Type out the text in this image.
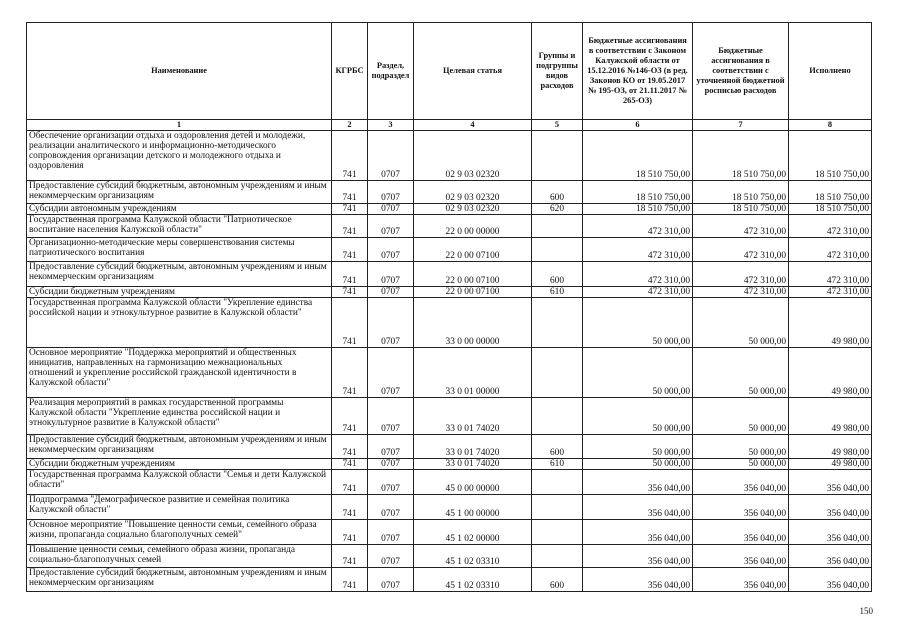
Наименование	КГРБС	Раздел, подраздел	Целевая статья	Группы и подгруппы видов расходов	Бюджетные ассигнования в соответствии с Законом Калужской области от 15.12.2016 №146-ОЗ (в ред. Законов КО от 19.05.2017 № 195-ОЗ, от 21.11.2017 № 265-ОЗ)	Бюджетные ассигнования в соответствии с уточненной бюджетной росписью расходов	Исполнено
1	2	3	4	5	6	7	8
Обеспечение организации отдыха и оздоровления детей и молодежи, реализации аналитического и информационно-методического сопровождения организации детского и молодежного отдыха и оздоровления	741	0707	02 9 03 02320		18 510 750,00	18 510 750,00	18 510 750,00
Предоставление субсидий бюджетным, автономным учреждениям и иным некоммерческим организациям	741	0707	02 9 03 02320	600	18 510 750,00	18 510 750,00	18 510 750,00
Субсидии автономным учреждениям	741	0707	02 9 03 02320	620	18 510 750,00	18 510 750,00	18 510 750,00
Государственная программа Калужской области "Патриотическое воспитание населения Калужской области"	741	0707	22 0 00 00000		472 310,00	472 310,00	472 310,00
Организационно-методические меры совершенствования системы патриотического воспитания	741	0707	22 0 00 07100		472 310,00	472 310,00	472 310,00
Предоставление субсидий бюджетным, автономным учреждениям и иным некоммерческим организациям	741	0707	22 0 00 07100	600	472 310,00	472 310,00	472 310,00
Субсидии бюджетным учреждениям	741	0707	22 0 00 07100	610	472 310,00	472 310,00	472 310,00
Государственная программа Калужской области "Укрепление единства российской нации и этнокультурное развитие в Калужской области"	741	0707	33 0 00 00000		50 000,00	50 000,00	49 980,00
Основное мероприятие "Поддержка мероприятий и общественных инициатив, направленных на гармонизацию межнациональных отношений и укрепление российской гражданской идентичности в Калужской области"	741	0707	33 0 01 00000		50 000,00	50 000,00	49 980,00
Реализация мероприятий в рамках государственной программы Калужской области "Укрепление единства российской нации и этнокультурное развитие в Калужской области"	741	0707	33 0 01 74020		50 000,00	50 000,00	49 980,00
Предоставление субсидий бюджетным, автономным учреждениям и иным некоммерческим организациям	741	0707	33 0 01 74020	600	50 000,00	50 000,00	49 980,00
Субсидии бюджетным учреждениям	741	0707	33 0 01 74020	610	50 000,00	50 000,00	49 980,00
Государственная программа Калужской области "Семья и дети Калужской области"	741	0707	45 0 00 00000		356 040,00	356 040,00	356 040,00
Подпрограмма "Демографическое развитие и семейная политика Калужской области"	741	0707	45 1 00 00000		356 040,00	356 040,00	356 040,00
Основное мероприятие "Повышение ценности семьи, семейного образа жизни, пропаганда социально благополучных семей"	741	0707	45 1 02 00000		356 040,00	356 040,00	356 040,00
Повышение ценности семьи, семейного образа жизни, пропаганда социально-благополучных семей	741	0707	45 1 02 03310		356 040,00	356 040,00	356 040,00
Предоставление субсидий бюджетным, автономным учреждениям и иным некоммерческим организациям	741	0707	45 1 02 03310	600	356 040,00	356 040,00	356 040,00
150
